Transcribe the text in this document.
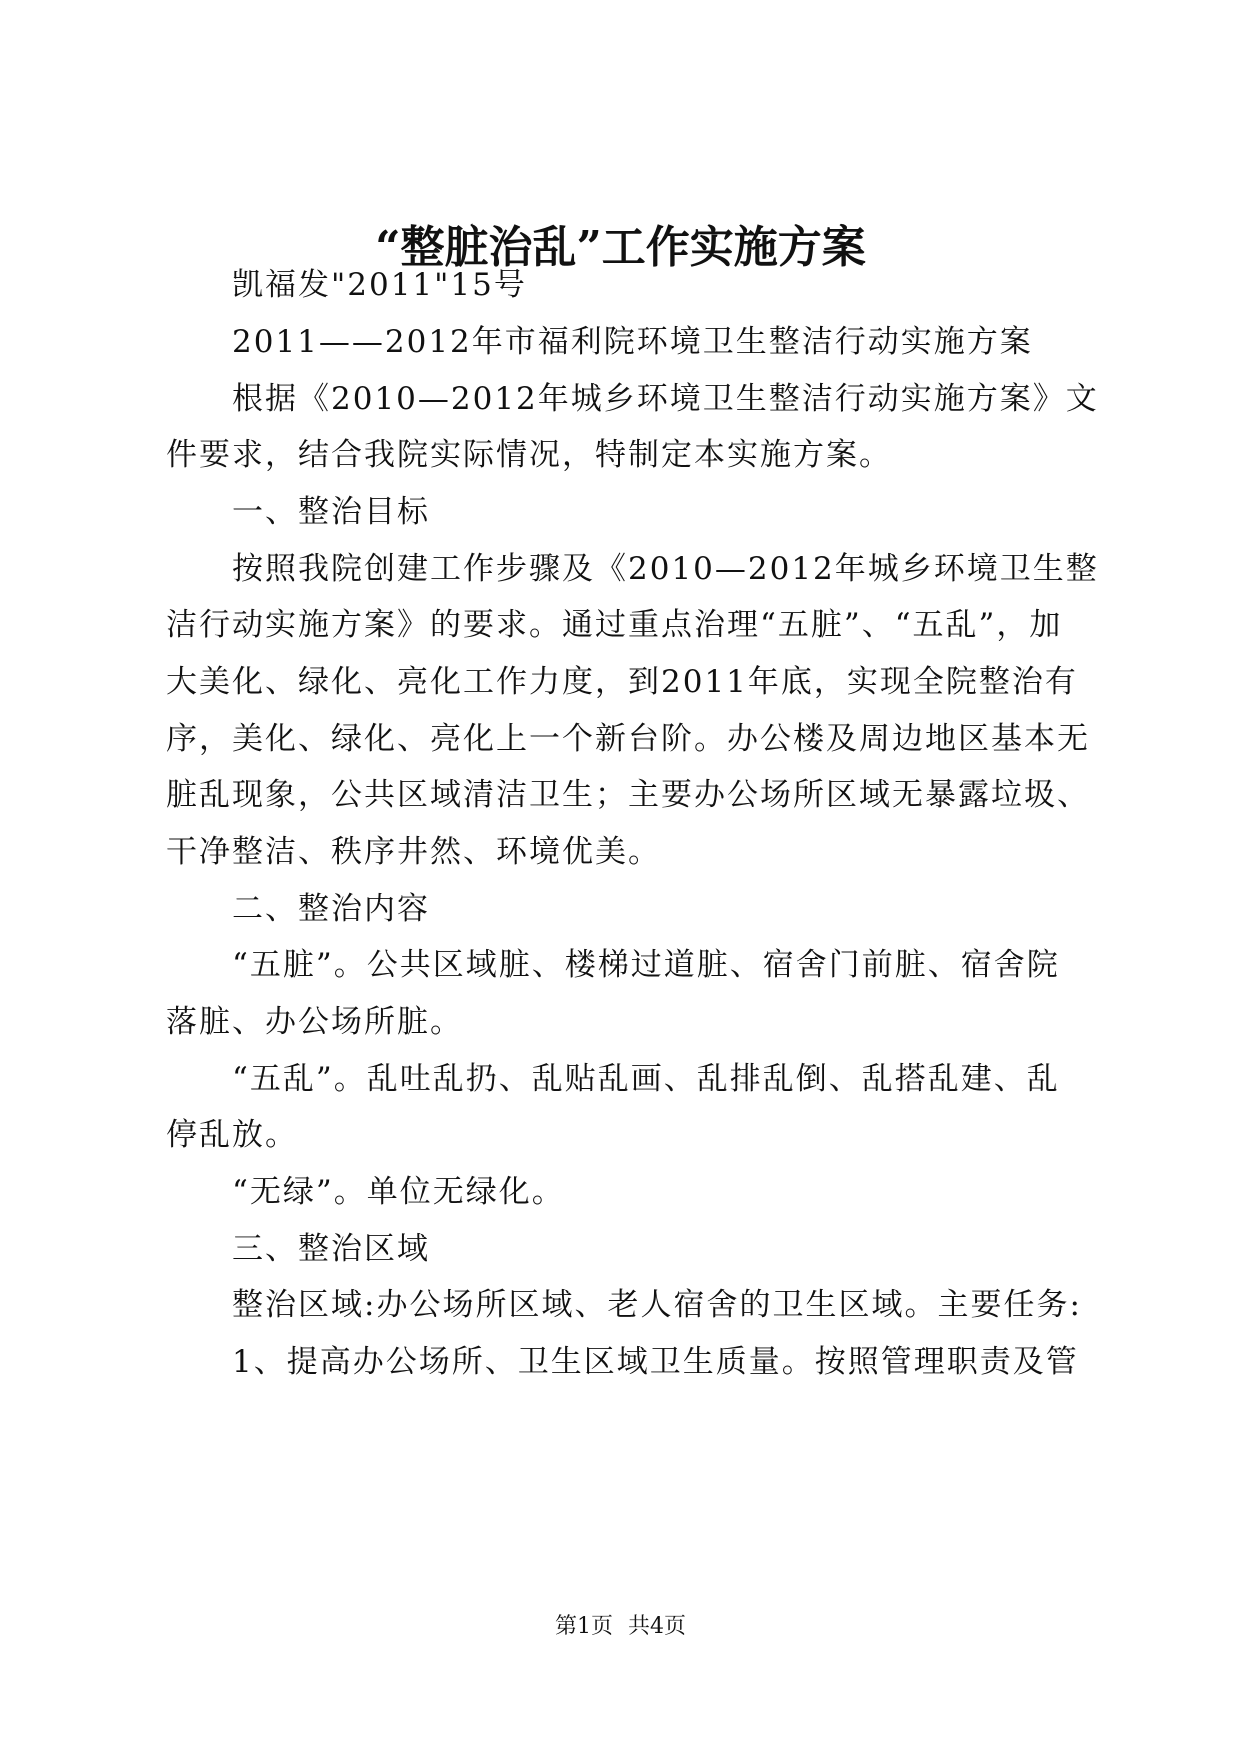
“整脏治乱”工作实施方案
凯福发"2011"15号
2011——2012年市福利院环境卫生整洁行动实施方案
根据《2010—2012年城乡环境卫生整洁行动实施方案》文
件要求，结合我院实际情况，特制定本实施方案。
一、整治目标
按照我院创建工作步骤及《2010—2012年城乡环境卫生整
洁行动实施方案》的要求。通过重点治理“五脏”、“五乱”，加
大美化、绿化、亮化工作力度，到2011年底，实现全院整治有
序，美化、绿化、亮化上一个新台阶。办公楼及周边地区基本无
脏乱现象，公共区域清洁卫生；主要办公场所区域无暴露垃圾、
干净整洁、秩序井然、环境优美。
二、整治内容
“五脏”。公共区域脏、楼梯过道脏、宿舍门前脏、宿舍院
落脏、办公场所脏。
“五乱”。乱吐乱扔、乱贴乱画、乱排乱倒、乱搭乱建、乱
停乱放。
“无绿”。单位无绿化。
三、整治区域
整治区域:办公场所区域、老人宿舍的卫生区域。主要任务:
1、提高办公场所、卫生区域卫生质量。按照管理职责及管
第1页 共4页
